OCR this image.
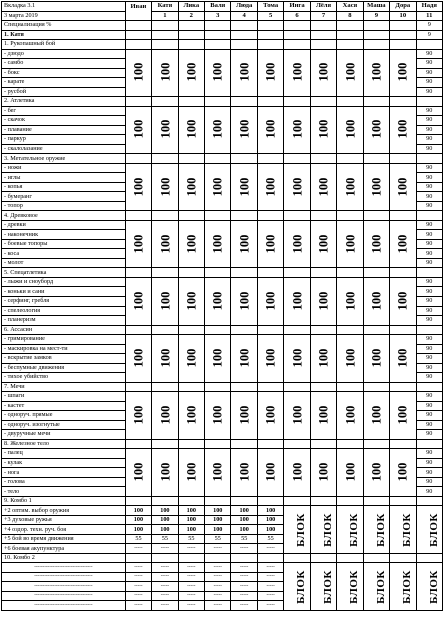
Вкладка 3.1	Иван	Катя	Лика	Валя	Люда	Тома	Инга	Лёля	Хася	Маша	Дора	Надя
3 марта 2019		1	2	3	4	5	6	7	8	9	10	11
Специализация %												9
1. Катя												9
1. Рукопашный бой												
- дзюдо	100	100	100	100	100	100	100	100	100	100	100	90
- самбо												90
- бокс												90
- карате												90
- русбой												90
2. Атлетика												
- бег	100	100	100	100	100	100	100	100	100	100	100	90
- скачок												90
- плавание												90
- паркур												90
- скалолазание												90
3. Метательное оружие												
- ножи	100	100	100	100	100	100	100	100	100	100	100	90
- иглы												90
- копья												90
- бумеранг												90
- топор												90
4. Древковое												
- древки	100	100	100	100	100	100	100	100	100	100	100	90
- наконечник												90
- боевые топоры												90
- коса												90
- молот												90
5. Спецатлетика												
- лыжи и сноуборд	100	100	100	100	100	100	100	100	100	100	100	90
- коньки и сани												90
- серфинг, гребля												90
- спелеология												90
- планеризм												90
6. Ассасин												
- гримирование	100	100	100	100	100	100	100	100	100	100	100	90
- маскировка на мест-ти												90
- вскрытие замков												90
- беспумные движения												90
- тихое убийство												90
7. Мечи												
- шпаги	100	100	100	100	100	100	100	100	100	100	100	90
- кастет												90
- одноруч. прямые												90
- одноруч. изогнутые												90
- двуручные мечи												90
8. Железное тело												
- палец	100	100	100	100	100	100	100	100	100	100	100	90
- кулак												90
- нога												90
- голова												90
- тело												90
9. Комбо 1												
+2 оптим. выбор оружия	100	100	100	100	100	100	БЛОК	БЛОК	БЛОК	БЛОК	БЛОК	БЛОК
+3 духовые ружья	100	100	100	100	100	100						
+4 оздор. техн. руч. боя	100	100	100	100	100	100						
+5 бой во время движения	55	55	55	55	55	55						
+6 боевая акупунктура	-----	-----	-----	-----	-----	-----						
10. Комбо 2												
-----------------------------------	-----	-----	-----	-----	-----	-----	БЛОК	БЛОК	БЛОК	БЛОК	БЛОК	БЛОК
-----------------------------------	-----	-----	-----	-----	-----	-----						
-----------------------------------	-----	-----	-----	-----	-----	-----						
-----------------------------------	-----	-----	-----	-----	-----	-----						
-----------------------------------	-----	-----	-----	-----	-----	-----						
